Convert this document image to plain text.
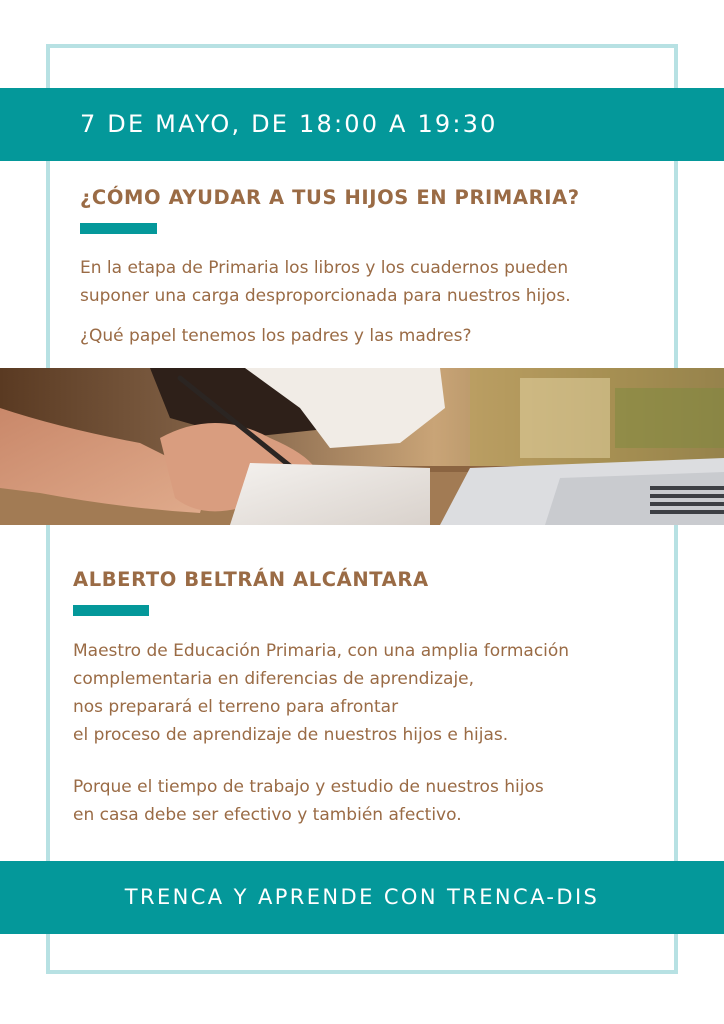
7 DE MAYO, DE 18:00 A 19:30
¿CÓMO AYUDAR A TUS HIJOS EN PRIMARIA?
En la etapa de Primaria los libros y los cuadernos pueden
suponer una carga desproporcionada para nuestros hijos.
¿Qué papel tenemos los padres y las madres?
ALBERTO BELTRÁN ALCÁNTARA
Maestro de Educación Primaria, con una amplia formación
complementaria en diferencias de aprendizaje,
nos preparará el terreno para afrontar
el proceso de aprendizaje de nuestros hijos e hijas.
Porque el tiempo de trabajo y estudio de nuestros hijos
en casa debe ser efectivo y también afectivo.
TRENCA Y APRENDE CON TRENCA-DIS
